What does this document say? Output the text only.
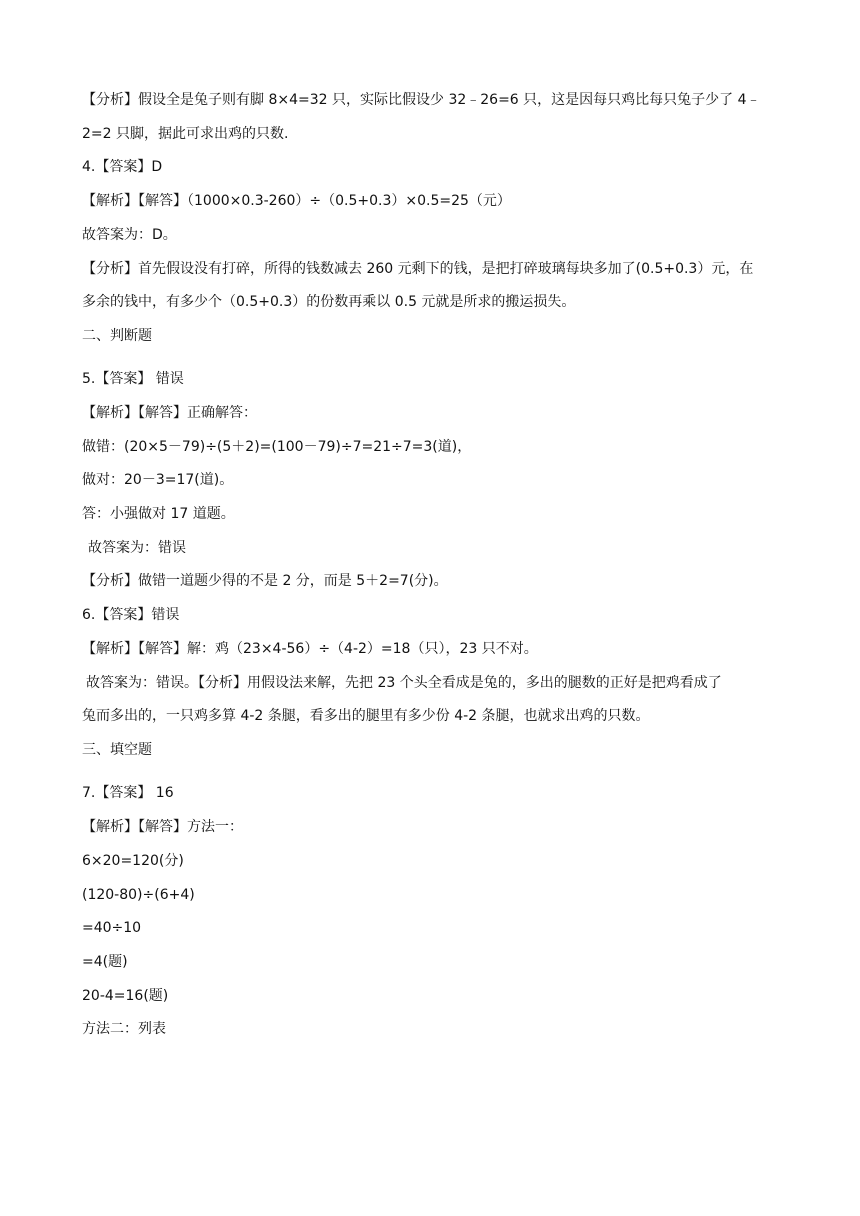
【分析】假设全是兔子则有脚 8×4=32 只，实际比假设少 32﹣26=6 只，这是因每只鸡比每只兔子少了 4﹣
2=2 只脚，据此可求出鸡的只数.
4.【答案】D
【解析】【解答】（1000×0.3-260）÷（0.5+0.3）×0.5=25（元）
故答案为：D。
【分析】首先假设没有打碎，所得的钱数减去 260 元剩下的钱，是把打碎玻璃每块多加了(0.5+0.3）元，在
多余的钱中，有多少个（0.5+0.3）的份数再乘以 0.5 元就是所求的搬运损失。
二、判断题
5.【答案】 错误
【解析】【解答】正确解答：
做错：(20×5－79)÷(5＋2)=(100－79)÷7=21÷7=3(道)，
做对：20－3=17(道)。
答：小强做对 17 道题。
故答案为：错误
【分析】做错一道题少得的不是 2 分，而是 5＋2=7(分)。
6.【答案】错误
【解析】【解答】解：鸡（23×4-56）÷（4-2）=18（只），23 只不对。
故答案为：错误。【分析】用假设法来解，先把 23 个头全看成是兔的，多出的腿数的正好是把鸡看成了
兔而多出的，一只鸡多算 4-2 条腿，看多出的腿里有多少份 4-2 条腿，也就求出鸡的只数。
三、填空题
7.【答案】 16
【解析】【解答】方法一：
6×20=120(分)
(120-80)÷(6+4)
=40÷10
=4(题)
20-4=16(题)
方法二：列表
